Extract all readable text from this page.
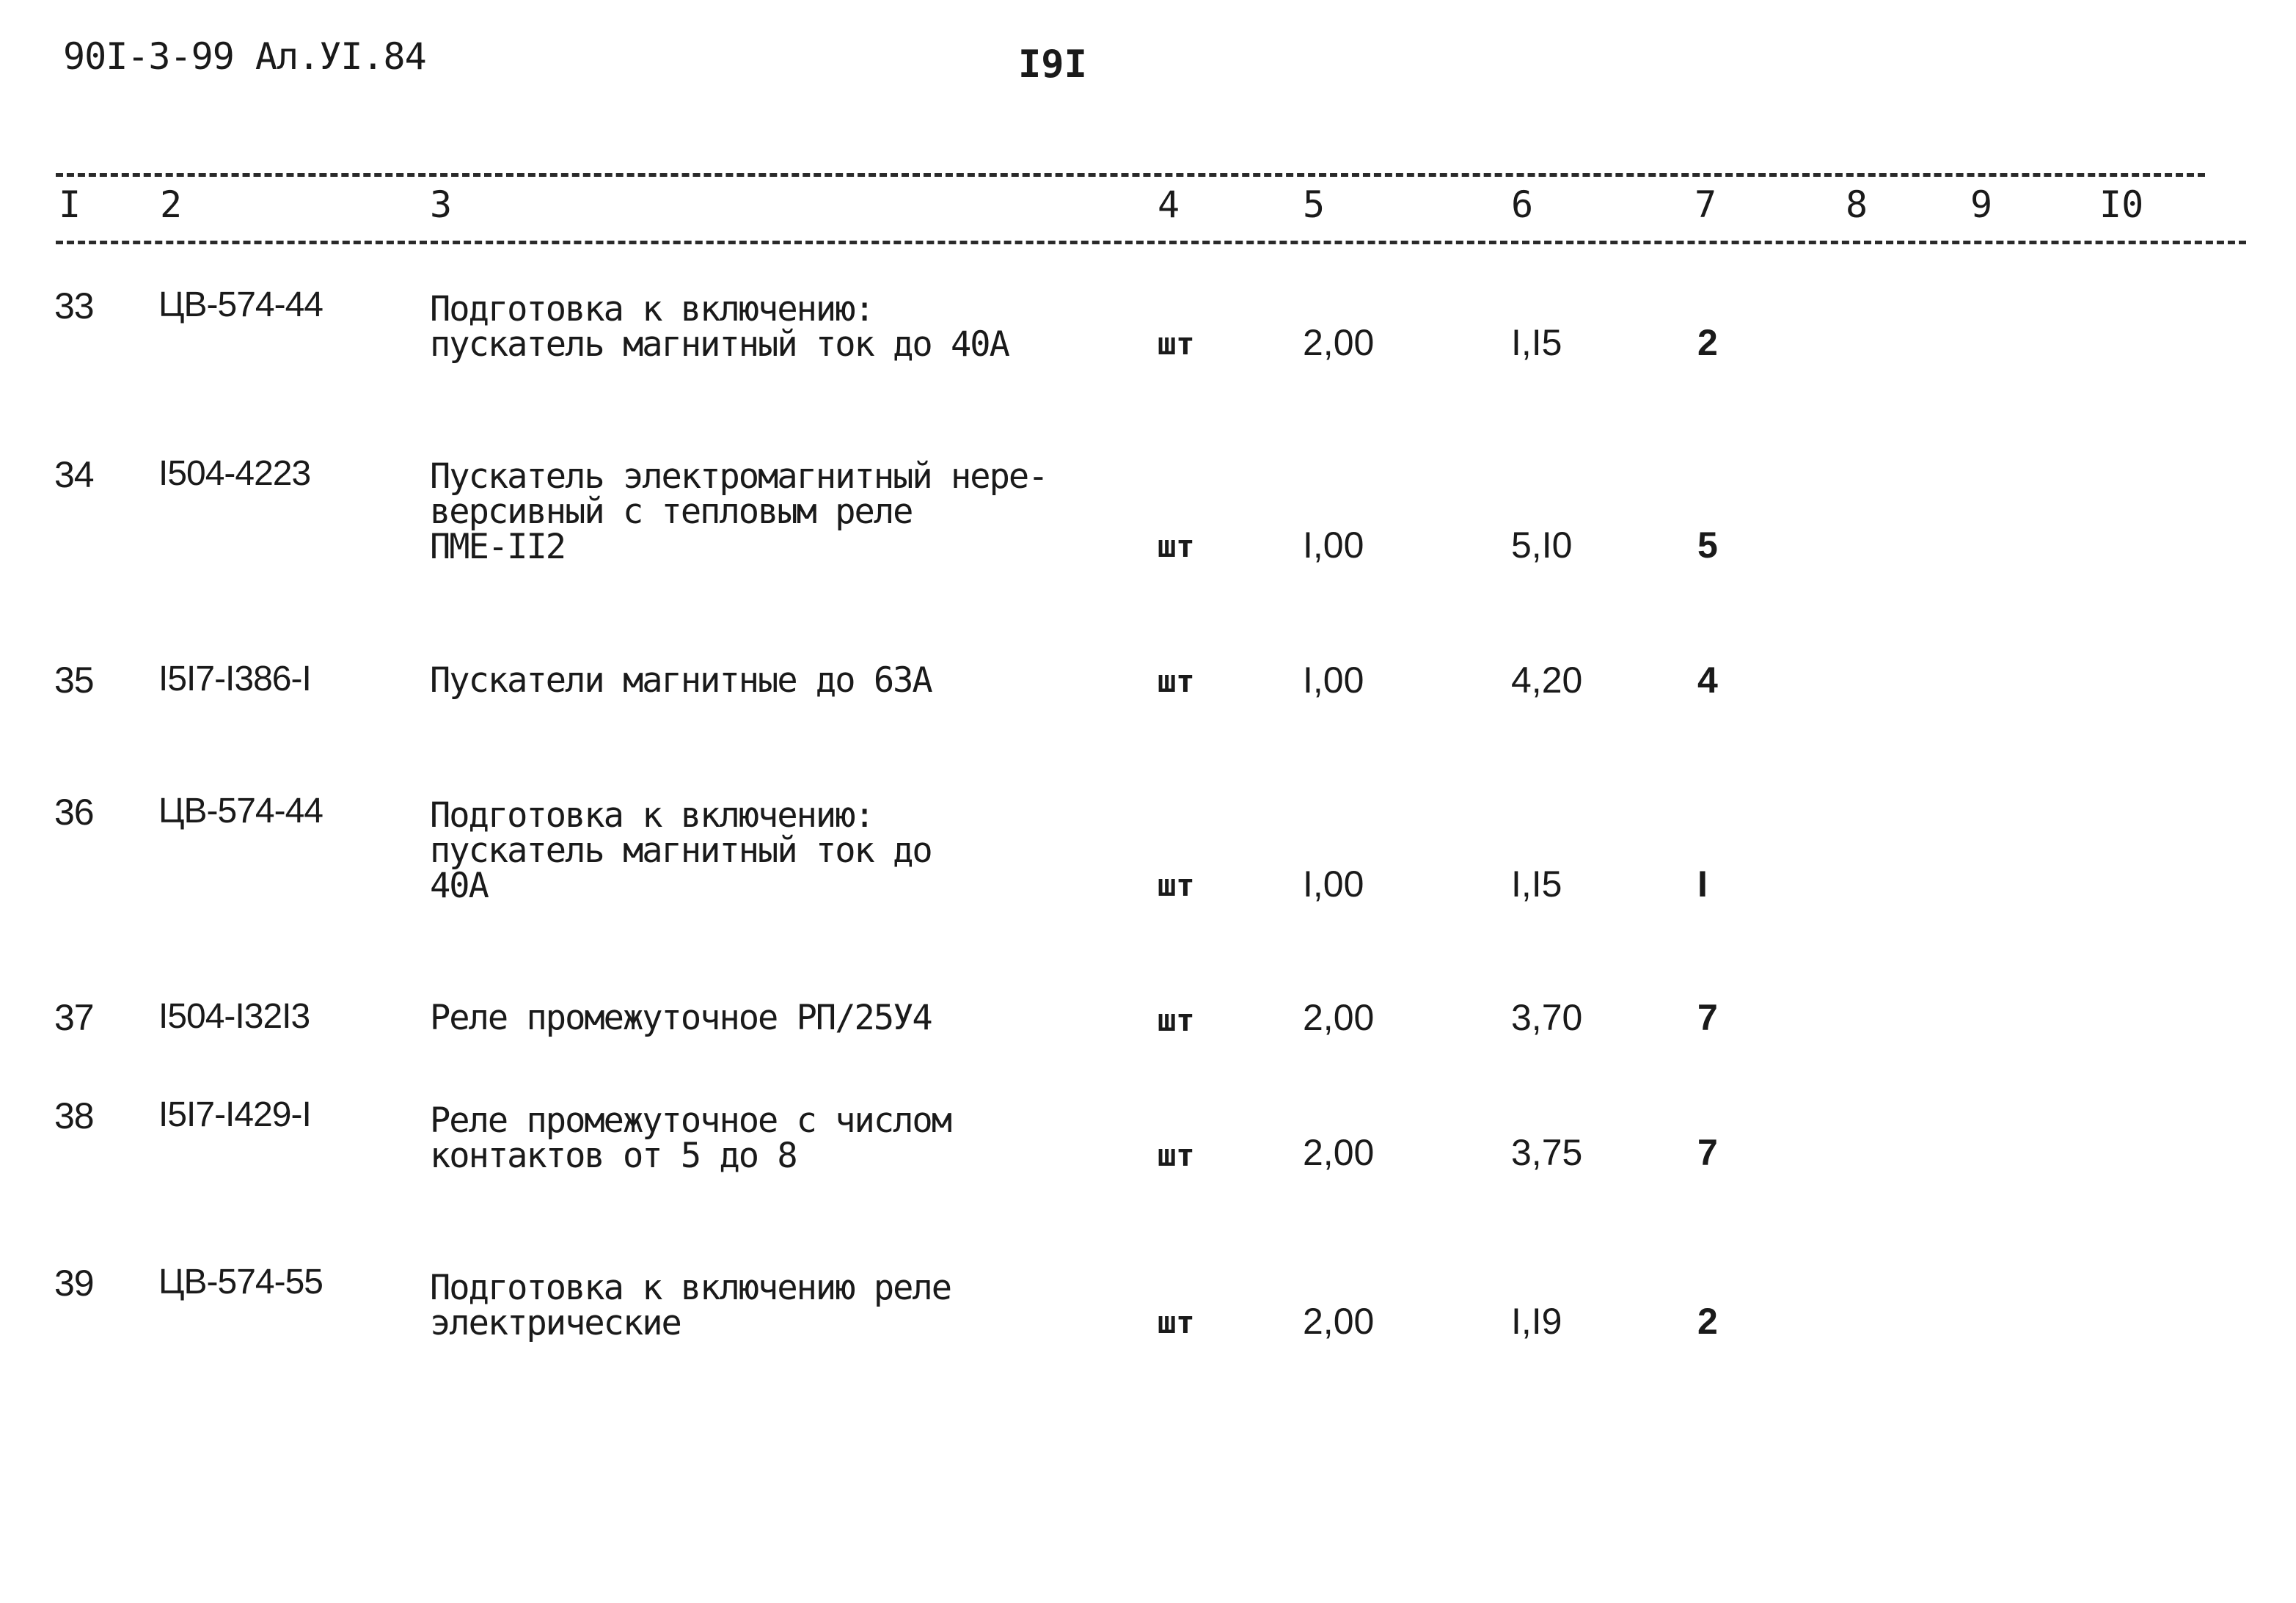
90I-3-99 Ал.УI.84	I9I
I 2	3	4	5	6	7	8	9	I0
33 ЦВ-574-44	Подготовка к включению:
пускатель магнитный ток до 40А	шт	2,00	I,I5	2
34 I504-4223	Пускатель электромагнитный нере-
версивный с тепловым реле
ПМЕ-II2	шт	I,00	5,I0	5
35 I5I7-I386-I	Пускатели магнитные до 63А	шт	I,00	4,20	4
36 ЦВ-574-44	Подготовка к включению:
пускатель магнитный ток до
40А	шт	I,00	I,I5	I
37 I504-I32I3	Реле промежуточное РП/25У4	шт	2,00	3,70	7
38 I5I7-I429-I	Реле промежуточное с числом
контактов от 5 до 8	шт	2,00	3,75	7
39 ЦВ-574-55	Подготовка к включению реле
электрические	шт	2,00	I,I9	2
